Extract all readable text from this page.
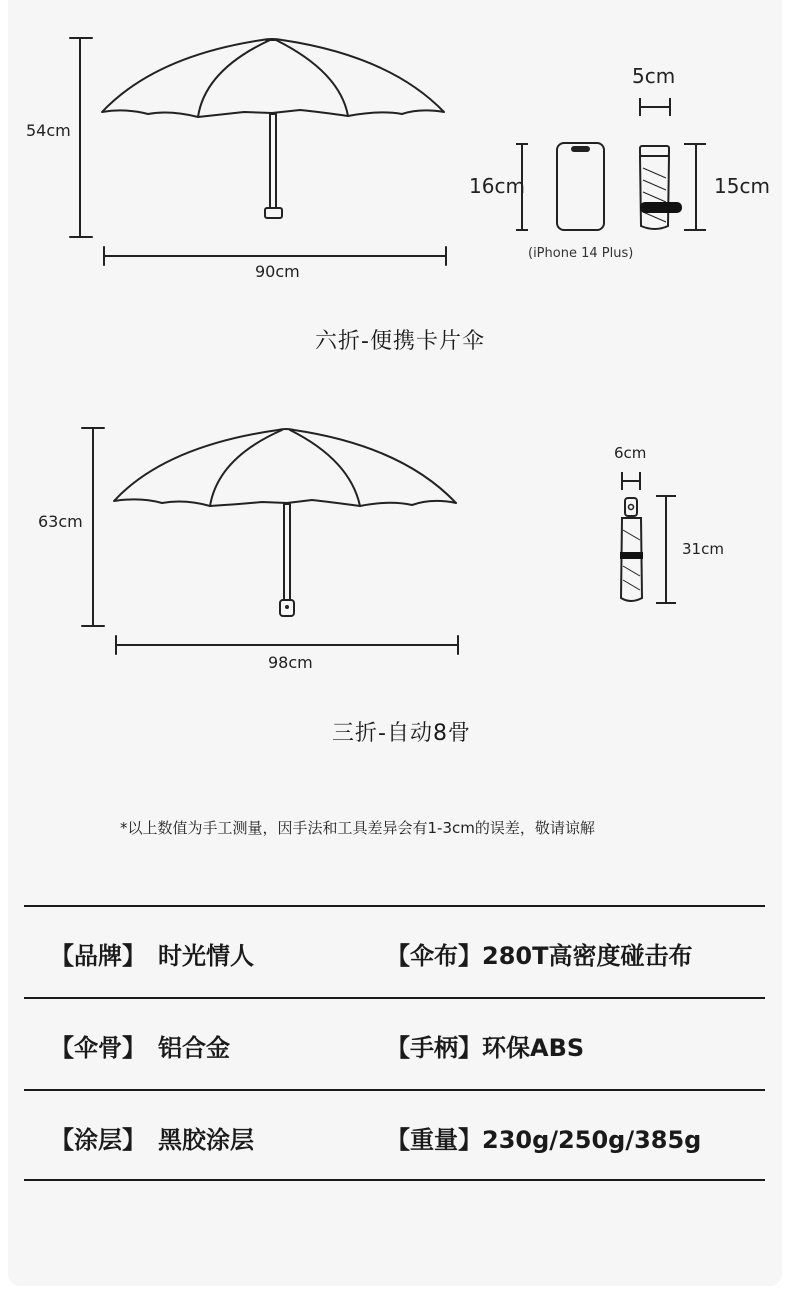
54cm
90cm
16cm
(iPhone 14 Plus)
5cm
15cm
六折-便携卡片伞
63cm
98cm
6cm
31cm
三折-自动8骨
*以上数值为手工测量，因手法和工具差异会有1-3cm的误差，敬请谅解
【品牌】 时光情人	【伞布】280T高密度碰击布
【伞骨】 铝合金	【手柄】环保ABS
【涂层】 黑胶涂层	【重量】230g/250g/385g
